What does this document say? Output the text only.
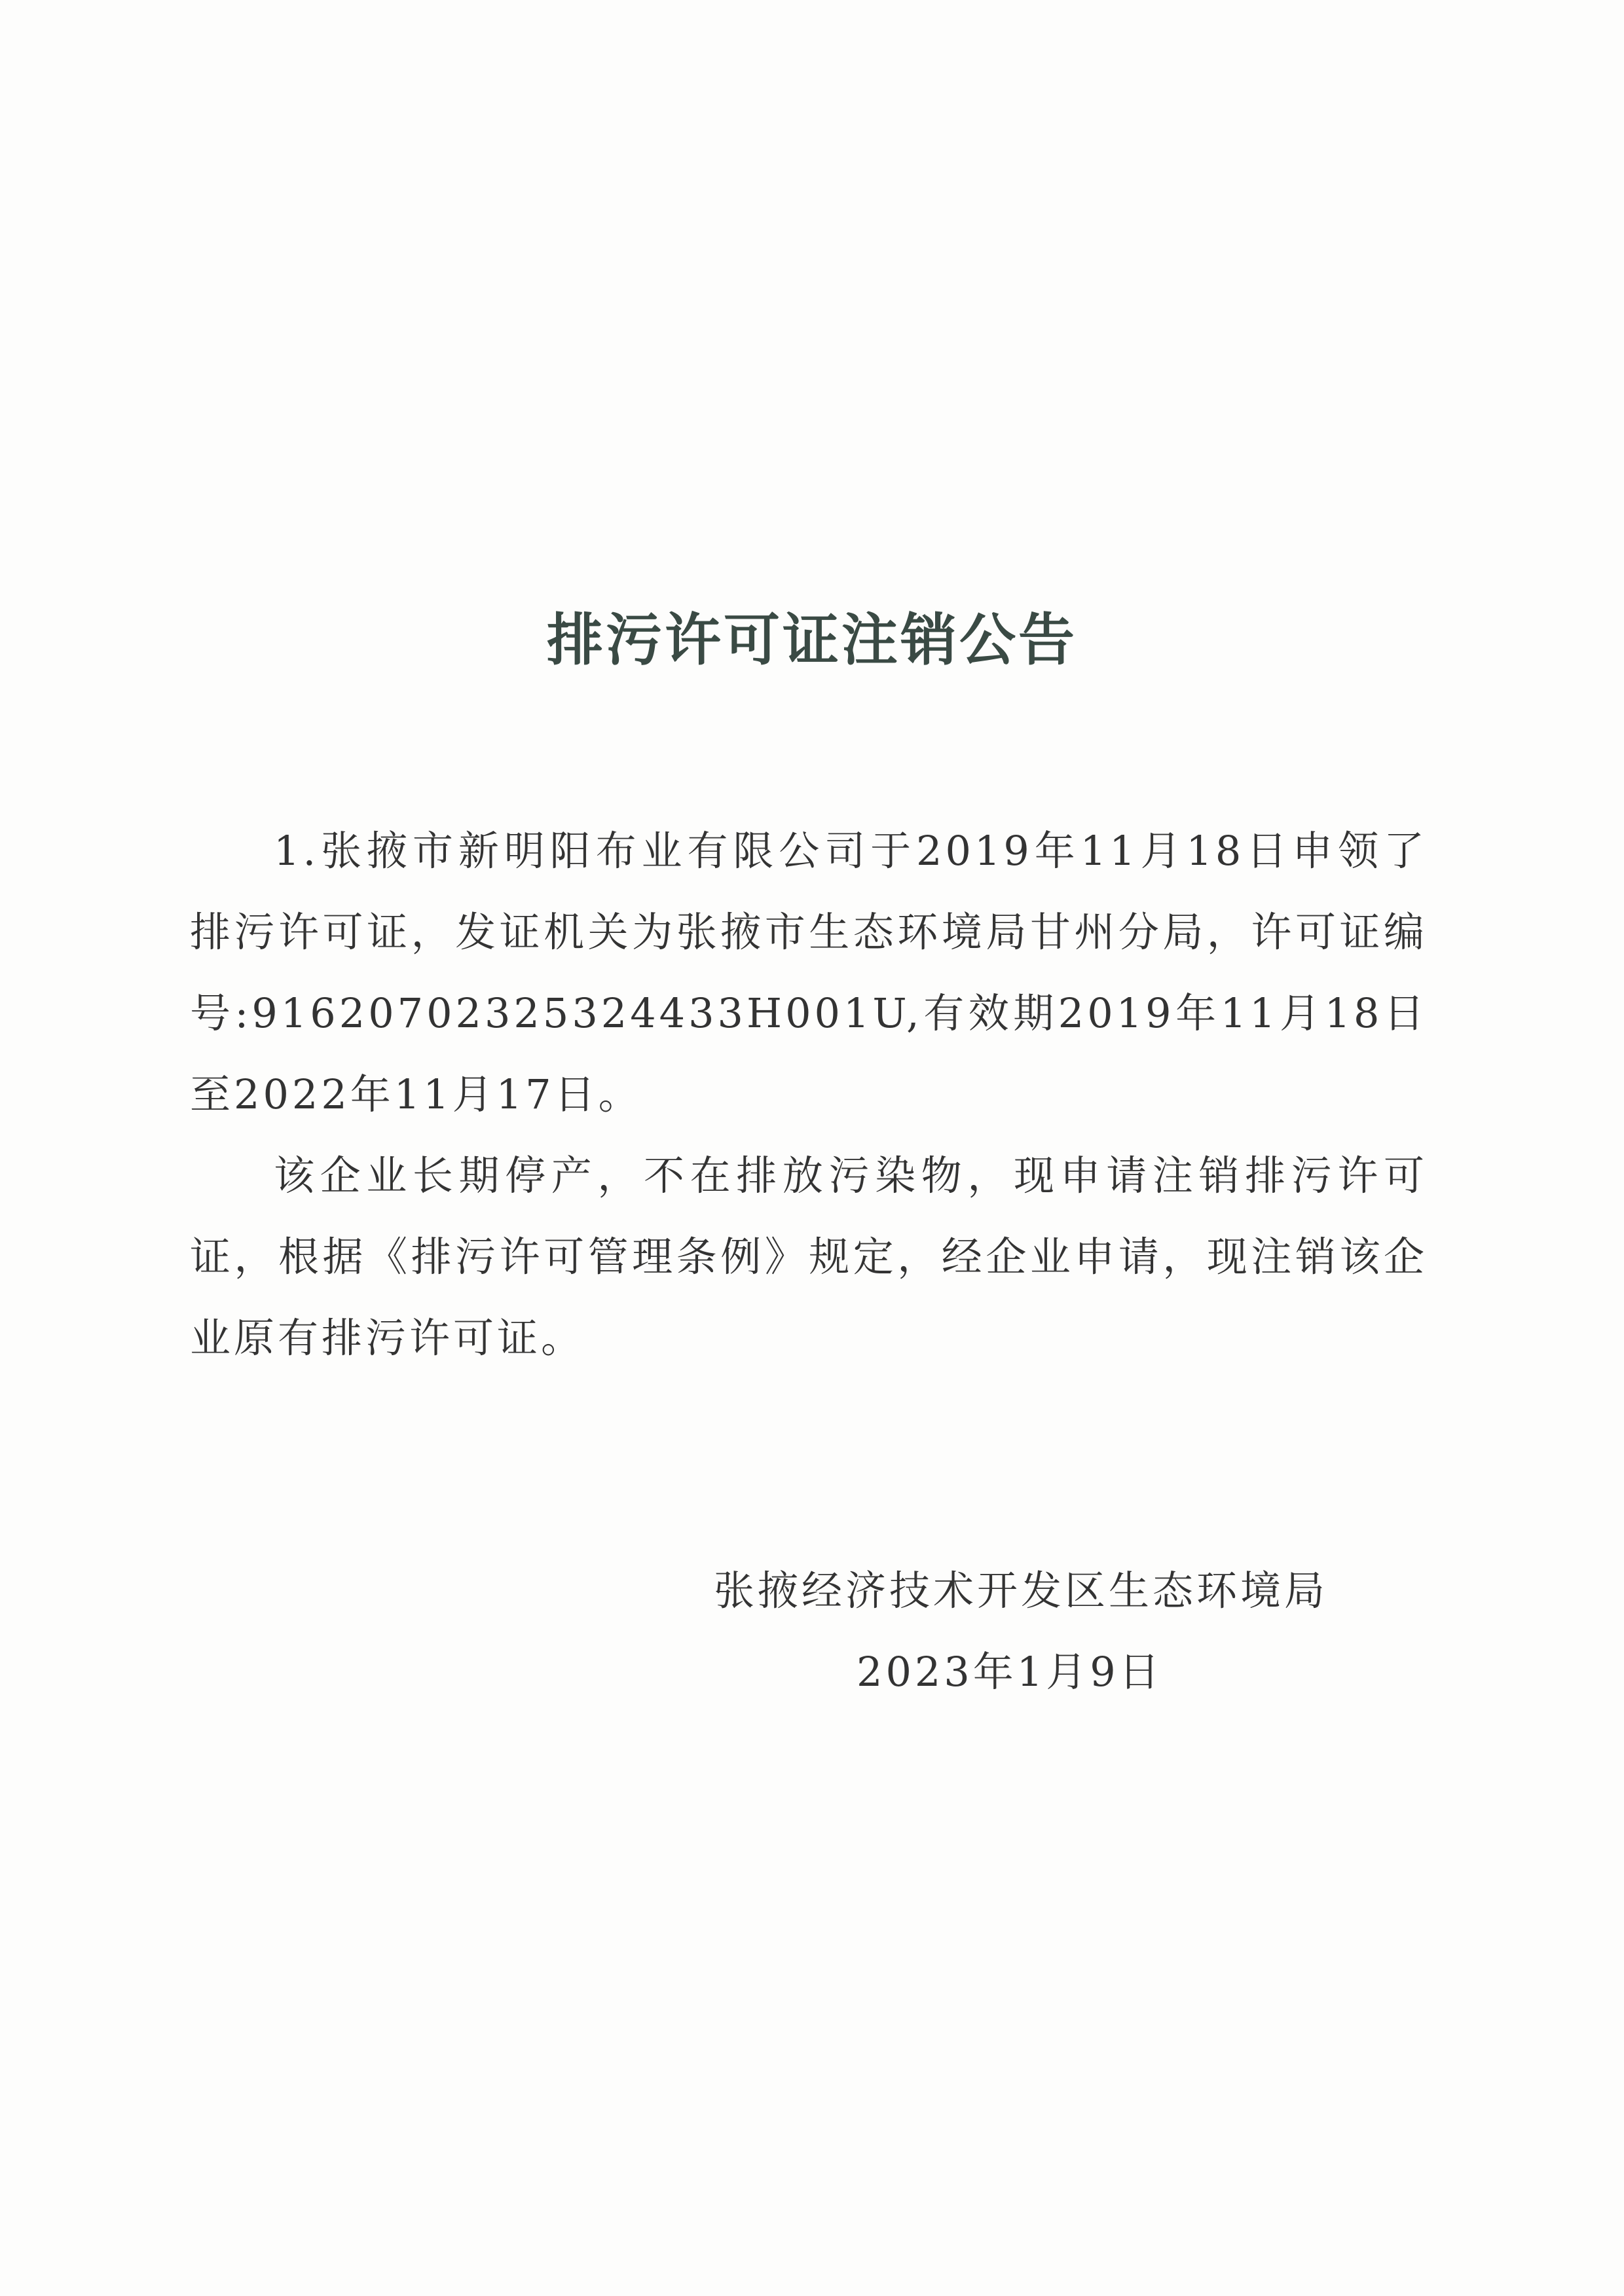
排污许可证注销公告

1.张掖市新明阳布业有限公司于2019年11月18日申领了排污许可证，发证机关为张掖市生态环境局甘州分局，许可证编号:91620702325324433H001U,有效期2019年11月18日至2022年11月17日。

该企业长期停产，不在排放污染物，现申请注销排污许可证，根据《排污许可管理条例》规定，经企业申请，现注销该企业原有排污许可证。

张掖经济技术开发区生态环境局
2023年1月9日
